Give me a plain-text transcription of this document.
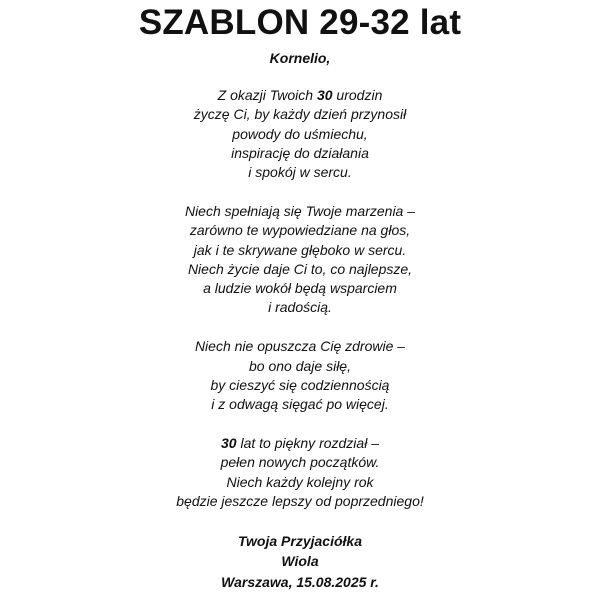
SZABLON 29-32 lat
Kornelio,
Z okazji Twoich 30 urodzin
życzę Ci, by każdy dzień przynosił
powody do uśmiechu,
inspirację do działania
i spokój w sercu.
Niech spełniają się Twoje marzenia –
zarówno te wypowiedziane na głos,
jak i te skrywane głęboko w sercu.
Niech życie daje Ci to, co najlepsze,
a ludzie wokół będą wsparciem
i radością.
Niech nie opuszcza Cię zdrowie –
bo ono daje siłę,
by cieszyć się codziennością
i z odwagą sięgać po więcej.
30 lat to piękny rozdział –
pełen nowych początków.
Niech każdy kolejny rok
będzie jeszcze lepszy od poprzedniego!
Twoja Przyjaciółka
Wiola
Warszawa, 15.08.2025 r.
